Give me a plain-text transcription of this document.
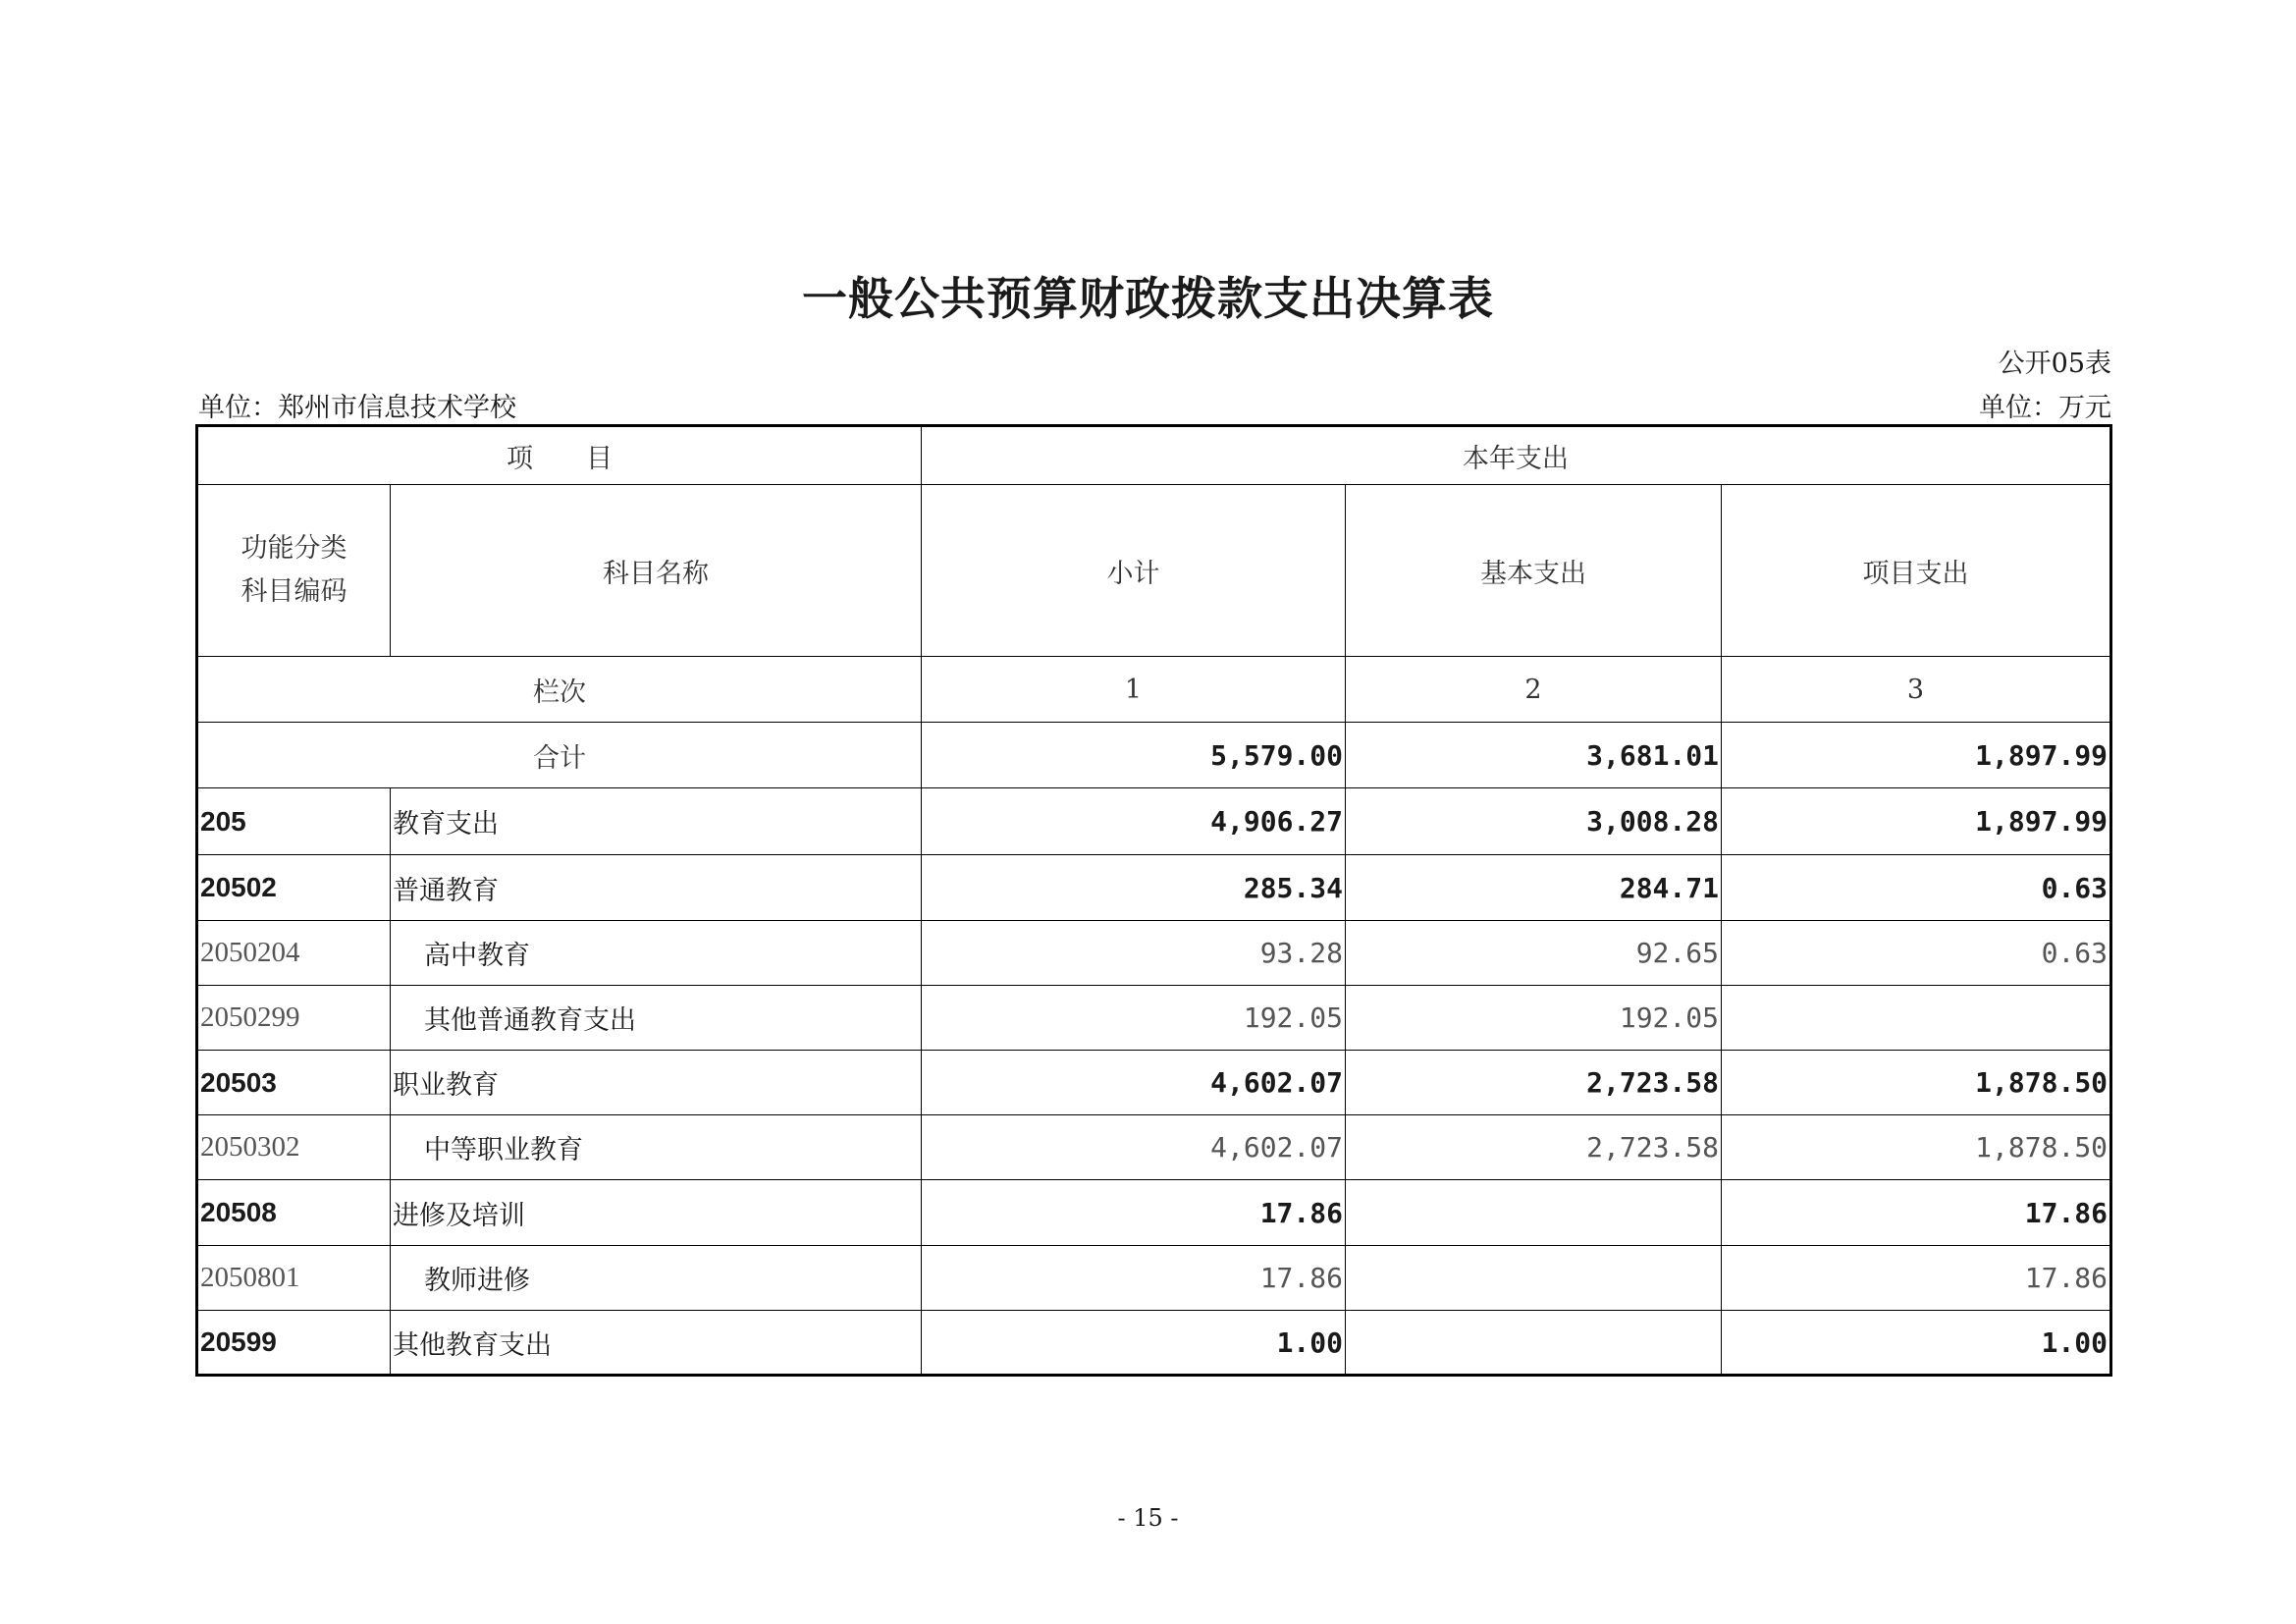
一般公共预算财政拨款支出决算表
公开05表
单位：郑州市信息技术学校	单位：万元
项　　目		本年支出		
功能分类
科目编码	科目名称	小计	基本支出	项目支出
栏次		1	2	3
合计		5,579.00	3,681.01	1,897.99
205	教育支出	4,906.27	3,008.28	1,897.99
20502	普通教育	285.34	284.71	0.63
2050204	高中教育	93.28	92.65	0.63
2050299	其他普通教育支出	192.05	192.05	
20503	职业教育	4,602.07	2,723.58	1,878.50
2050302	中等职业教育	4,602.07	2,723.58	1,878.50
20508	进修及培训	17.86		17.86
2050801	教师进修	17.86		17.86
20599	其他教育支出	1.00		1.00
- 15 -
